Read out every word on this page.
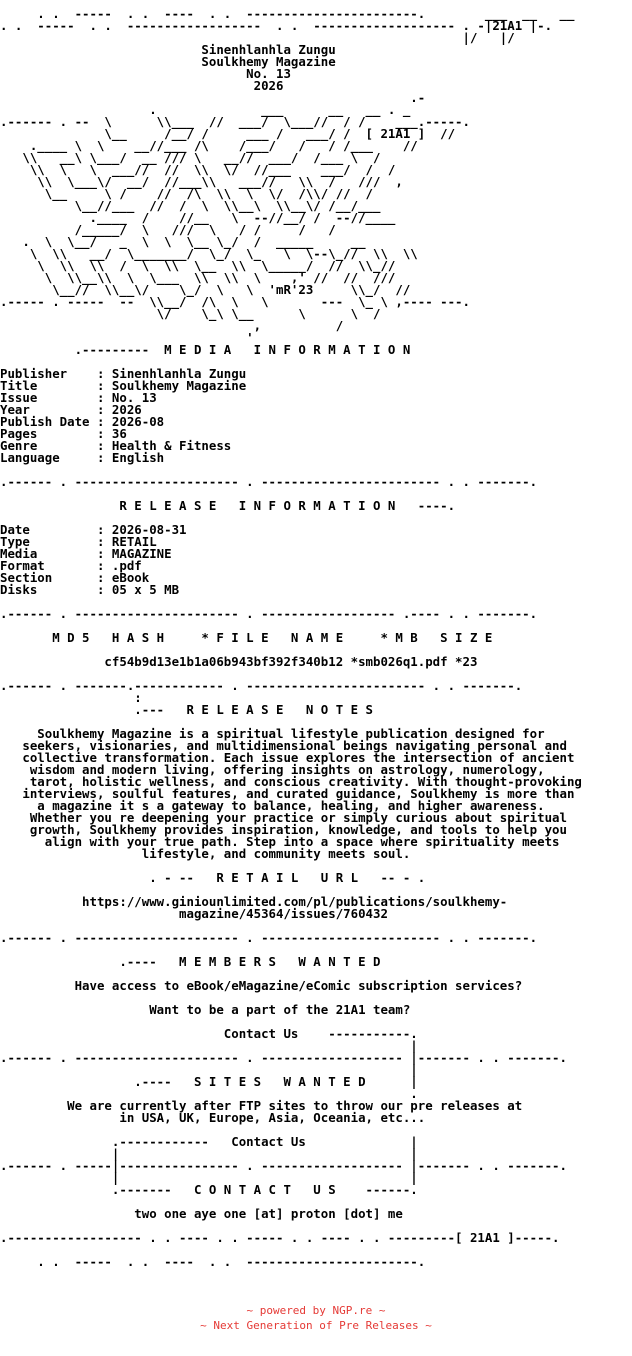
. .  -----  . .  ----  . .  -----------------------.        ___  __   __
. .  -----  . .  ------------------  . .  ------------------- . -|21A1 |-.
|/   |/
Sinenhlanhla Zungu
Soulkhemy Magazine
No. 13
2026
.-
.              ___      __   __ . _
.------ . --  \      \\___  //  ___/  \___//  / /    ___.-----.
\__     /__/ /     ___ /   ___/ /  [ 21A1 ]  //
.____ \  \    __//___ /\    /___/   /   / /___    //
\\   __\ \___/  __ /// \   __//  ___/  /___ \  /
\\  \   \  ___//  //  \\  \/  //___    ___/  /  /
\\  \___\/  __/  //___\\   ___//   \\  /   ///  ,
\__     \ /    //  /\  \\  \  \/  /\\/ //  /
\__//___  //  /  \  \\__\  \\__\/ /__/___
.____  /    //__   \  --//__/ /  --//____
/_____/  \   ///  \   / /     /   /
.  \  \__/   _  \  \  \__ \_/  /  _____     __
\  \\   __/  \_______/  \_/  \_   \  \--\_//  \\  \\
\  \\  \\  /  \  \\  \__  \\  \_____/  //  \\_//
\  \\__\\  \  \___  \\  \\  \    ,' //  //  ///
\__//  \\__\/    \_/  \   \  'mR'23     \\_/  //
.----- . -----  --  \\__/  /\  \   \       ---  \_ \ ,---- ---.
\/    \_\ \__      \      \  /
,          /
'
.---------  M E D I A   I N F O R M A T I O N

Publisher    : Sinenhlanhla Zungu
Title        : Soulkhemy Magazine
Issue        : No. 13
Year         : 2026
Publish Date : 2026-08
Pages        : 36
Genre        : Health & Fitness
Language     : English

.------ . ---------------------- . ------------------------ . . -------.

R E L E A S E   I N F O R M A T I O N   ----.

Date         : 2026-08-31
Type         : RETAIL
Media        : MAGAZINE
Format       : .pdf
Section      : eBook
Disks        : 05 x 5 MB

.------ . ---------------------- . ------------------ .---- . . -------.

M D 5   H A S H     * F I L E   N A M E     * M B   S I Z E

cf54b9d13e1b1a06b943bf392f340b12 *smb026q1.pdf *23

.------ . -------.------------ . ------------------------ . . -------.
:
.---   R E L E A S E   N O T E S

Soulkhemy Magazine is a spiritual lifestyle publication designed for
seekers, visionaries, and multidimensional beings navigating personal and
collective transformation. Each issue explores the intersection of ancient
wisdom and modern living, offering insights on astrology, numerology,
tarot, holistic wellness, and conscious creativity. With thought-provoking
interviews, soulful features, and curated guidance, Soulkhemy is more than
a magazine it s a gateway to balance, healing, and higher awareness.
Whether you re deepening your practice or simply curious about spiritual
growth, Soulkhemy provides inspiration, knowledge, and tools to help you
align with your true path. Step into a space where spirituality meets
lifestyle, and community meets soul.

. - --   R E T A I L   U R L   -- - .

https://www.giniounlimited.com/pl/publications/soulkhemy-
magazine/45364/issues/760432

.------ . ---------------------- . ------------------------ . . -------.

.----   M E M B E R S   W A N T E D

Have access to eBook/eMagazine/eComic subscription services?

Want to be a part of the 21A1 team?

Contact Us    -----------.
|
.------ . ---------------------- . ------------------- |------- . . -------.
|
.----   S I T E S   W A N T E D      |
.
We are currently after FTP sites to throw our pre releases at
in USA, UK, Europe, Asia, Oceania, etc...

.------------   Contact Us              |
|                                       |
.------ . -----|---------------- . ------------------- |------- . . -------.
|                                       |
.-------   C O N T A C T   U S    ------.

two one aye one [at] proton [dot] me

.------------------ . . ---- . . ----- . . ---- . . ---------[ 21A1 ]-----.

. .  -----  . .  ----  . .  -----------------------.
~ powered by NGP.re ~
~ Next Generation of Pre Releases ~
